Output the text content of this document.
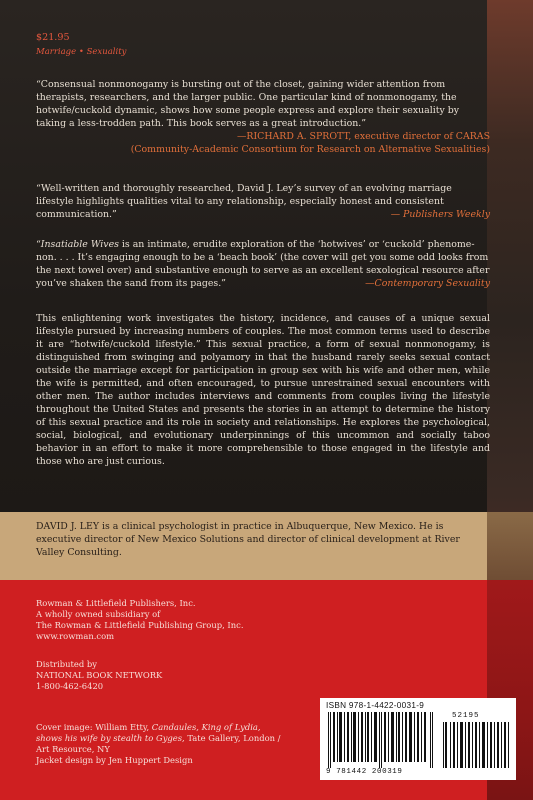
$21.95
Marriage • Sexuality
“Consensual nonmonogamy is bursting out of the closet, gaining wider attention from therapists, researchers, and the larger public. One particular kind of nonmonogamy, the hotwife/cuckold dynamic, shows how some people express and explore their sexuality by taking a less-trodden path. This book serves as a great introduction.”
—RICHARD A. SPROTT, executive director of CARAS
(Community-Academic Consortium for Research on Alternative Sexualities)
“Well-written and thoroughly researched, David J. Ley’s survey of an evolving marriage lifestyle highlights qualities vital to any relationship, especially honest and consistent communication.”	— Publishers Weekly
“Insatiable Wives is an intimate, erudite exploration of the ‘hotwives’ or ‘cuckold’ phenomenon. . . . It’s engaging enough to be a ‘beach book’ (the cover will get you some odd looks from the next towel over) and substantive enough to serve as an excellent sexological resource after you’ve shaken the sand from its pages.”	—Contemporary Sexuality
This enlightening work investigates the history, incidence, and causes of a unique sexual lifestyle pursued by increasing numbers of couples. The most common terms used to describe it are “hotwife/cuckold lifestyle.” This sexual practice, a form of sexual nonmonogamy, is distinguished from swinging and polyamory in that the husband rarely seeks sexual contact outside the marriage except for participation in group sex with his wife and other men, while the wife is permitted, and often encouraged, to pursue unrestrained sexual encounters with other men. The author includes interviews and comments from couples living the lifestyle throughout the United States and presents the stories in an attempt to determine the history of this sexual practice and its role in society and relationships. He explores the psychological, social, biological, and evolutionary underpinnings of this uncommon and socially taboo behavior in an effort to make it more comprehensible to those engaged in the lifestyle and those who are just curious.
DAVID J. LEY is a clinical psychologist in practice in Albuquerque, New Mexico. He is executive director of New Mexico Solutions and director of clinical development at River Valley Consulting.
Rowman & Littlefield Publishers, Inc.
A wholly owned subsidiary of
The Rowman & Littlefield Publishing Group, Inc.
www.rowman.com
Distributed by
NATIONAL BOOK NETWORK
1-800-462-6420
Cover image: William Etty, Candaules, King of Lydia,
shows his wife by stealth to Gyges, Tate Gallery, London /
Art Resource, NY
Jacket design by Jen Huppert Design
ISBN 978-1-4422-0031-9
52195
9 781442 200319
